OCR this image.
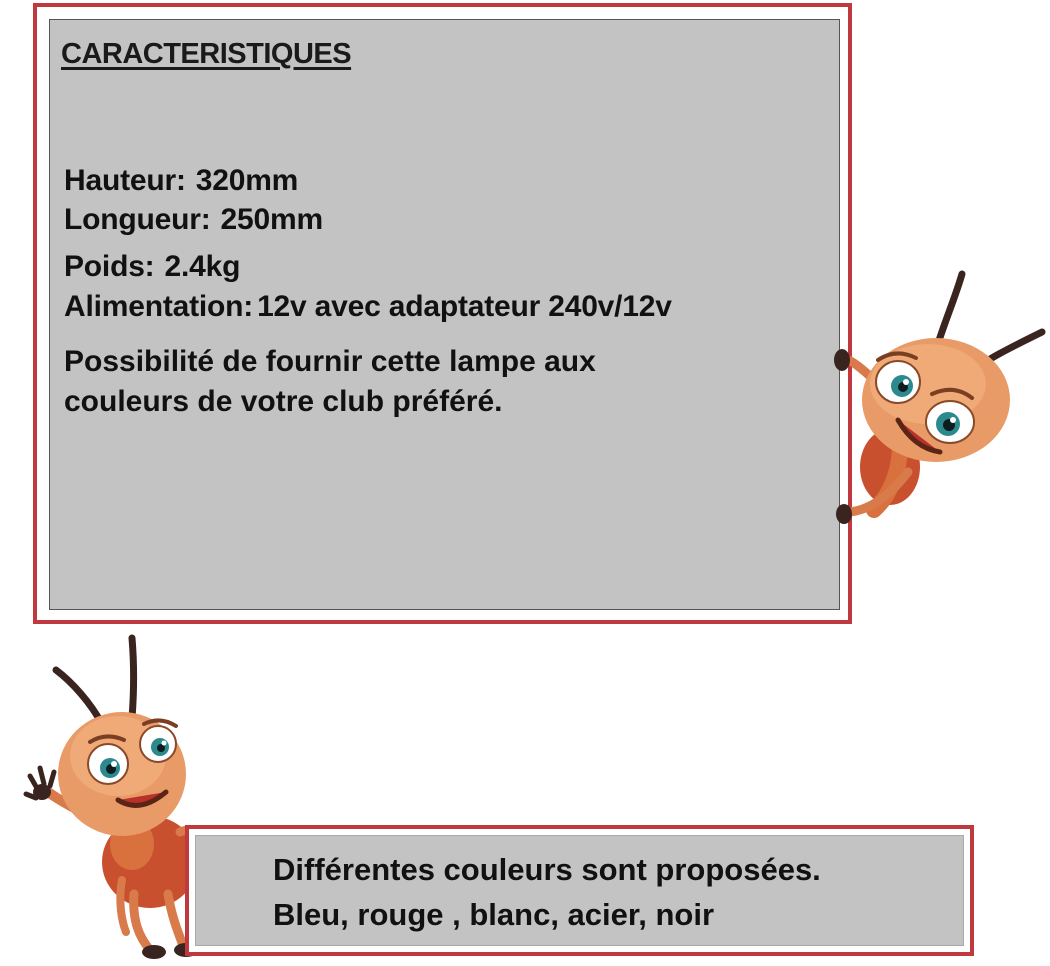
CARACTERISTIQUES
Hauteur: 320mm
Longueur: 250mm
Poids: 2.4kg
Alimentation: 12v avec adaptateur 240v/12v

Possibilité de fournir cette lampe aux
couleurs de votre club préféré.

Différentes couleurs sont proposées.
Bleu, rouge , blanc, acier, noir
